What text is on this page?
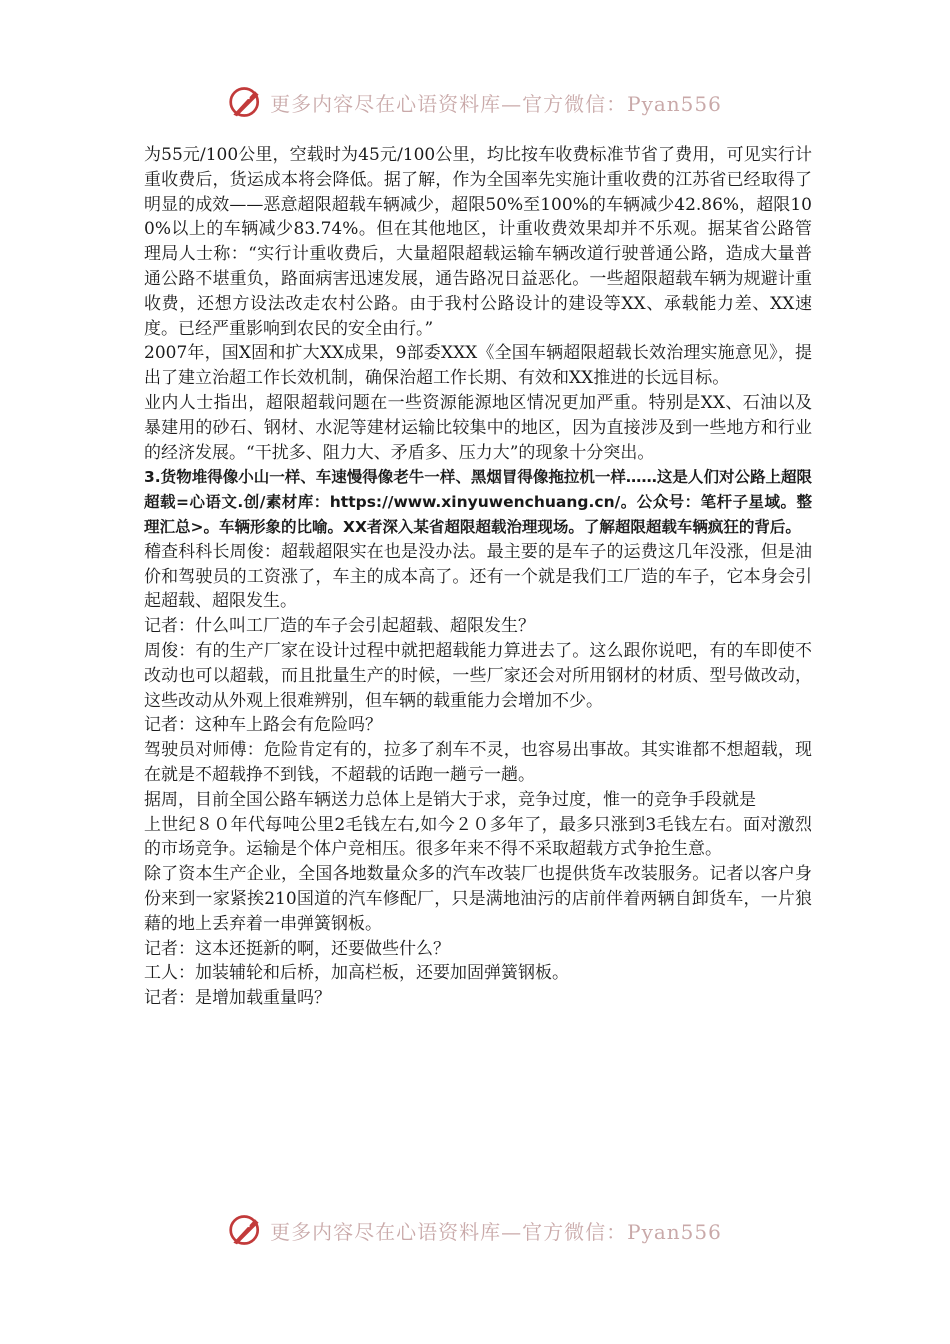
更多内容尽在心语资料库—官方微信：Pyan556

为55元/100公里，空载时为45元/100公里，均比按车收费标准节省了费用，可见实行计重收费后，货运成本将会降低。据了解，作为全国率先实施计重收费的江苏省已经取得了明显的成效——恶意超限超载车辆减少，超限50%至100%的车辆减少42.86%，超限100%以上的车辆减少83.74%。但在其他地区，计重收费效果却并不乐观。据某省公路管理局人士称：“实行计重收费后，大量超限超载运输车辆改道行驶普通公路，造成大量普通公路不堪重负，路面病害迅速发展，通告路况日益恶化。一些超限超载车辆为规避计重收费，还想方设法改走农村公路。由于我村公路设计的建设等XX、承载能力差、XX速度。已经严重影响到农民的安全由行。”

2007年，国X固和扩大XX成果，9部委XXX《全国车辆超限超载长效治理实施意见》，提出了建立治超工作长效机制，确保治超工作长期、有效和XX推进的长远目标。

业内人士指出，超限超载问题在一些资源能源地区情况更加严重。特别是XX、石油以及暴建用的砂石、钢材、水泥等建材运输比较集中的地区，因为直接涉及到一些地方和行业的经济发展。“干扰多、阻力大、矛盾多、压力大”的现象十分突出。

3.货物堆得像小山一样、车速慢得像老牛一样、黑烟冒得像拖拉机一样……这是人们对公路上超限超载=心语文.创/素材库：https://www.xinyuwenchuang.cn/。公众号：笔杆子星域。整理汇总>。车辆形象的比喻。XX者深入某省超限超载治理现场。了解超限超载车辆疯狂的背后。

稽查科科长周俊：超载超限实在也是没办法。最主要的是车子的运费这几年没涨，但是油价和驾驶员的工资涨了，车主的成本高了。还有一个就是我们工厂造的车子，它本身会引起超载、超限发生。

记者：什么叫工厂造的车子会引起超载、超限发生？

周俊：有的生产厂家在设计过程中就把超载能力算进去了。这么跟你说吧，有的车即使不改动也可以超载，而且批量生产的时候，一些厂家还会对所用钢材的材质、型号做改动，这些改动从外观上很难辨别，但车辆的载重能力会增加不少。

记者：这种车上路会有危险吗？

驾驶员对师傅：危险肯定有的，拉多了刹车不灵，也容易出事故。其实谁都不想超载，现在就是不超载挣不到钱，不超载的话跑一趟亏一趟。

据周，目前全国公路车辆送力总体上是销大于求，竞争过度，惟一的竞争手段就是

上世纪８０年代每吨公里2毛钱左右,如今２０多年了，最多只涨到3毛钱左右。面对激烈的市场竞争。运输是个体户竞相压。很多年来不得不采取超载方式争抢生意。

除了资本生产企业，全国各地数量众多的汽车改装厂也提供货车改装服务。记者以客户身份来到一家紧挨210国道的汽车修配厂，只是满地油污的店前伴着两辆自卸货车，一片狼藉的地上丢弃着一串弹簧钢板。

记者：这本还挺新的啊，还要做些什么？

工人：加装辅轮和后桥，加高栏板，还要加固弹簧钢板。

记者：是增加载重量吗？

更多内容尽在心语资料库—官方微信：Pyan556
